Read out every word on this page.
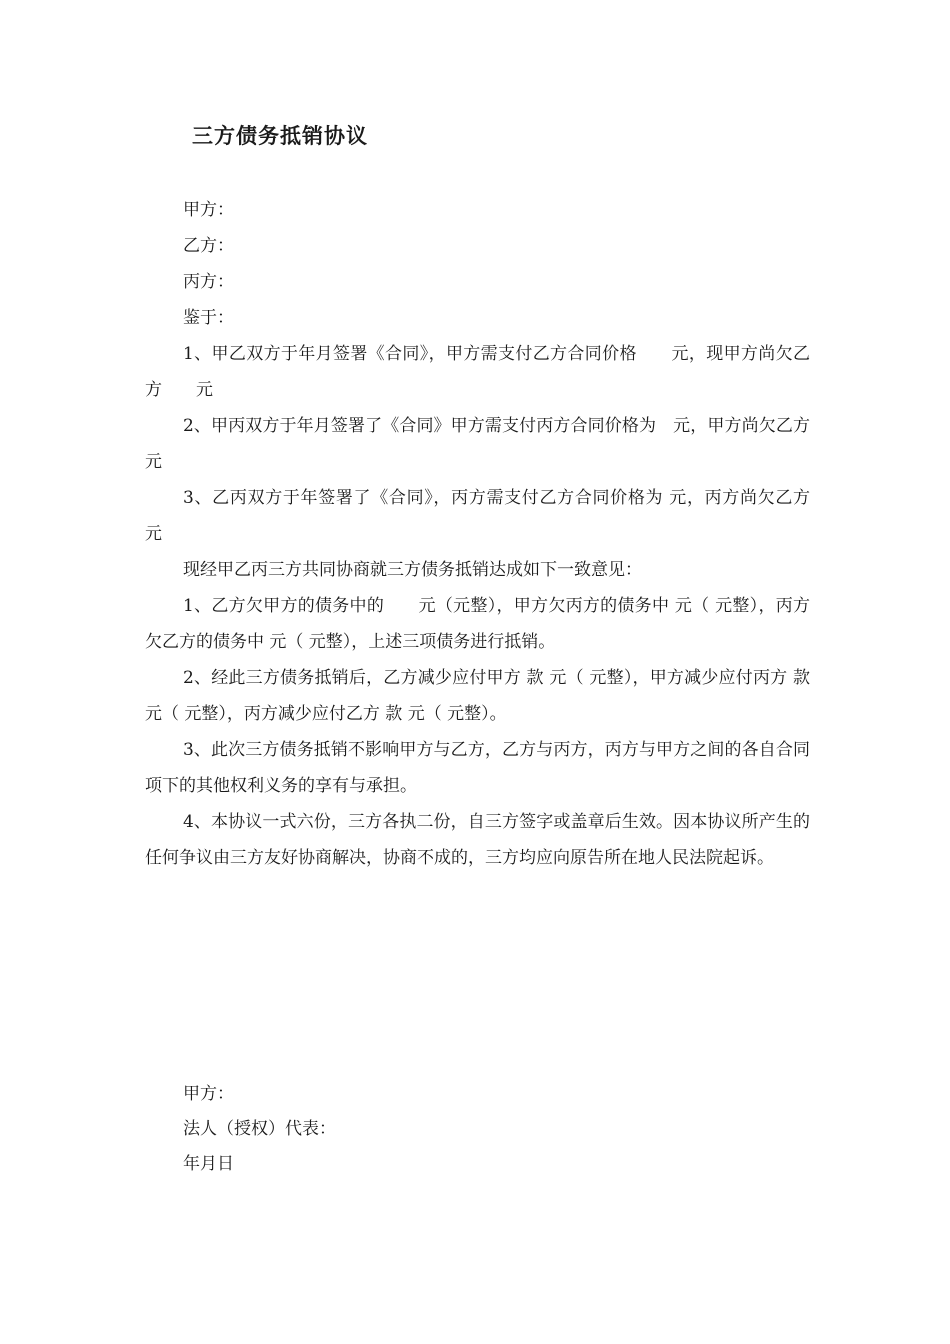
三方债务抵销协议

甲方：

乙方：

丙方：

鉴于：

1、甲乙双方于年月签署《合同》，甲方需支付乙方合同价格　　元，现甲方尚欠乙方　　元

2、甲丙双方于年月签署了《合同》甲方需支付丙方合同价格为　元，甲方尚欠乙方　　元

3、乙丙双方于年签署了《合同》，丙方需支付乙方合同价格为 元，丙方尚欠乙方　　元

现经甲乙丙三方共同协商就三方债务抵销达成如下一致意见：

1、乙方欠甲方的债务中的　　元（元整），甲方欠丙方的债务中 元（ 元整），丙方欠乙方的债务中 元（ 元整），上述三项债务进行抵销。

2、经此三方债务抵销后，乙方减少应付甲方 款 元（ 元整），甲方减少应付丙方 款 元（ 元整），丙方减少应付乙方 款 元（ 元整）。

3、此次三方债务抵销不影响甲方与乙方，乙方与丙方，丙方与甲方之间的各自合同项下的其他权利义务的享有与承担。

4、本协议一式六份，三方各执二份，自三方签字或盖章后生效。因本协议所产生的任何争议由三方友好协商解决，协商不成的，三方均应向原告所在地人民法院起诉。

甲方：

法人（授权）代表：

年月日
